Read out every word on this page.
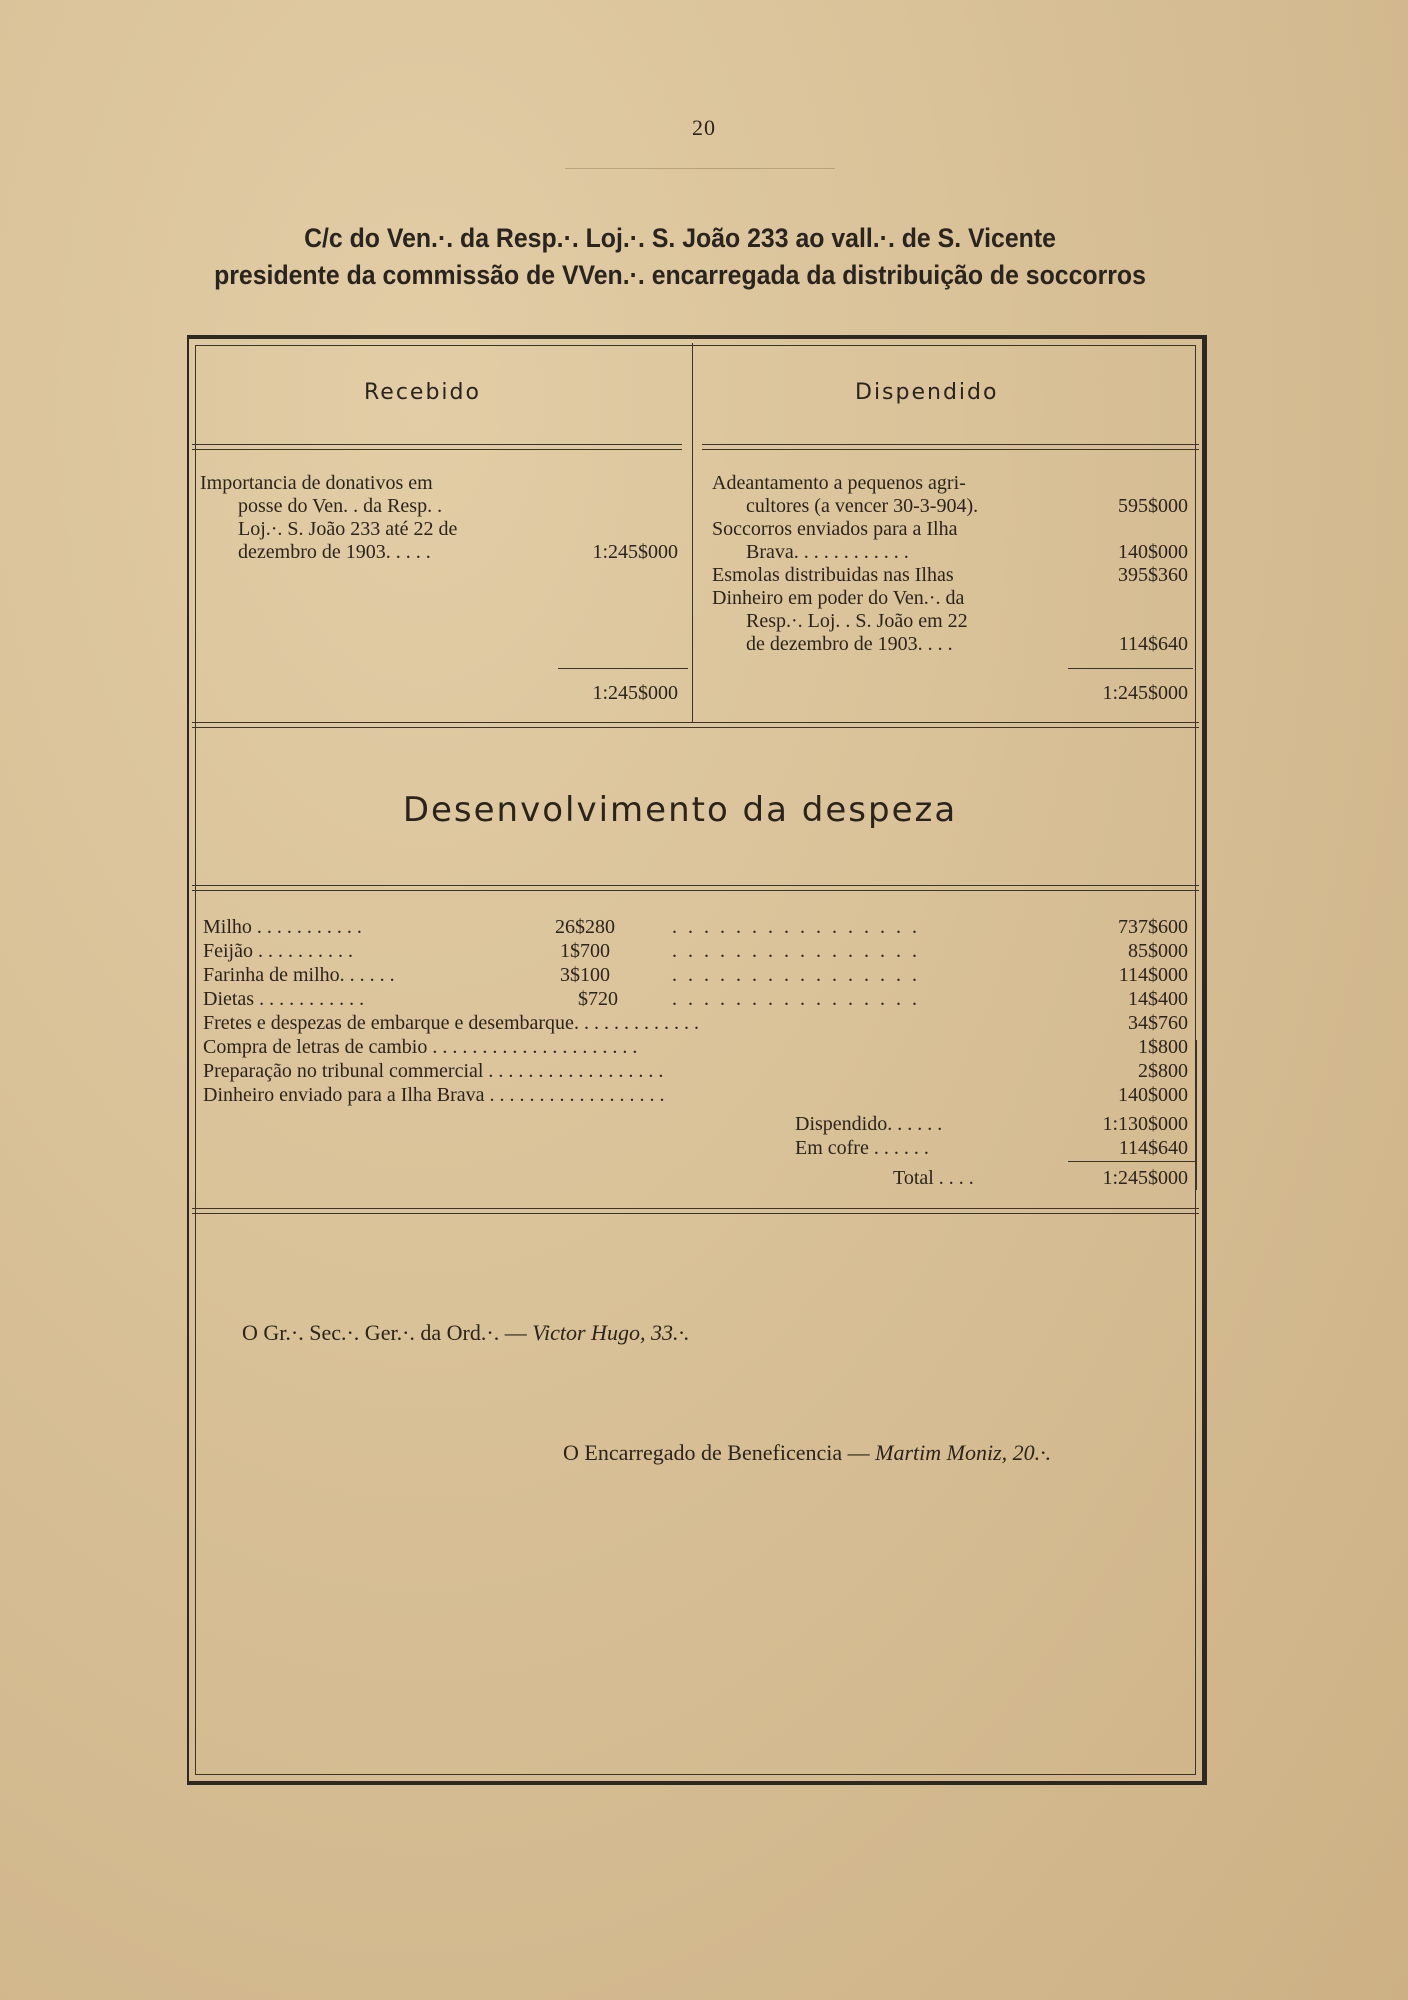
20
C/c do Ven.·. da Resp.·. Loj.·. S. João 233 ao vall.·. de S. Vicente
presidente da commissão de VVen.·. encarregada da distribuição de soccorros
Recebido	Dispendido
Importancia de donativos em
posse do Ven. . da Resp. .
Loj.·. S. João 233 até 22 de
dezembro de 1903. . . . .	1:245$000
1:245$000
Adeantamento a pequenos agri-
cultores (a vencer 30-3-904).	595$000
Soccorros enviados para a Ilha
Brava. . . . . . . . . . . .	140$000
Esmolas distribuidas nas Ilhas	395$360
Dinheiro em poder do Ven.·. da
Resp.·. Loj. . S. João em 22
de dezembro de 1903. . . .	114$640
1:245$000
Desenvolvimento da despeza
Milho . . . . . . . . . . .	26$280	. . . . . . . . . . . . . . . .	737$600
Feijão . . . . . . . . . .	1$700	. . . . . . . . . . . . . . . .	85$000
Farinha de milho. . . . . .	3$100	. . . . . . . . . . . . . . . .	114$000
Dietas . . . . . . . . . . .	$720	. . . . . . . . . . . . . . . .	14$400
Fretes e despezas de embarque e desembarque. . . . . . . . . . . . .	34$760
Compra de letras de cambio . . . . . . . . . . . . . . . . . . . . .	1$800
Preparação no tribunal commercial . . . . . . . . . . . . . . . . . .	2$800
Dinheiro enviado para a Ilha Brava . . . . . . . . . . . . . . . . . .	140$000
Dispendido. . . . . .	1:130$000
Em cofre . . . . . .	114$640
Total . . . .	1:245$000
O Gr.·. Sec.·. Ger.·. da Ord.·. — Victor Hugo, 33.·.
O Encarregado de Beneficencia — Martim Moniz, 20.·.
